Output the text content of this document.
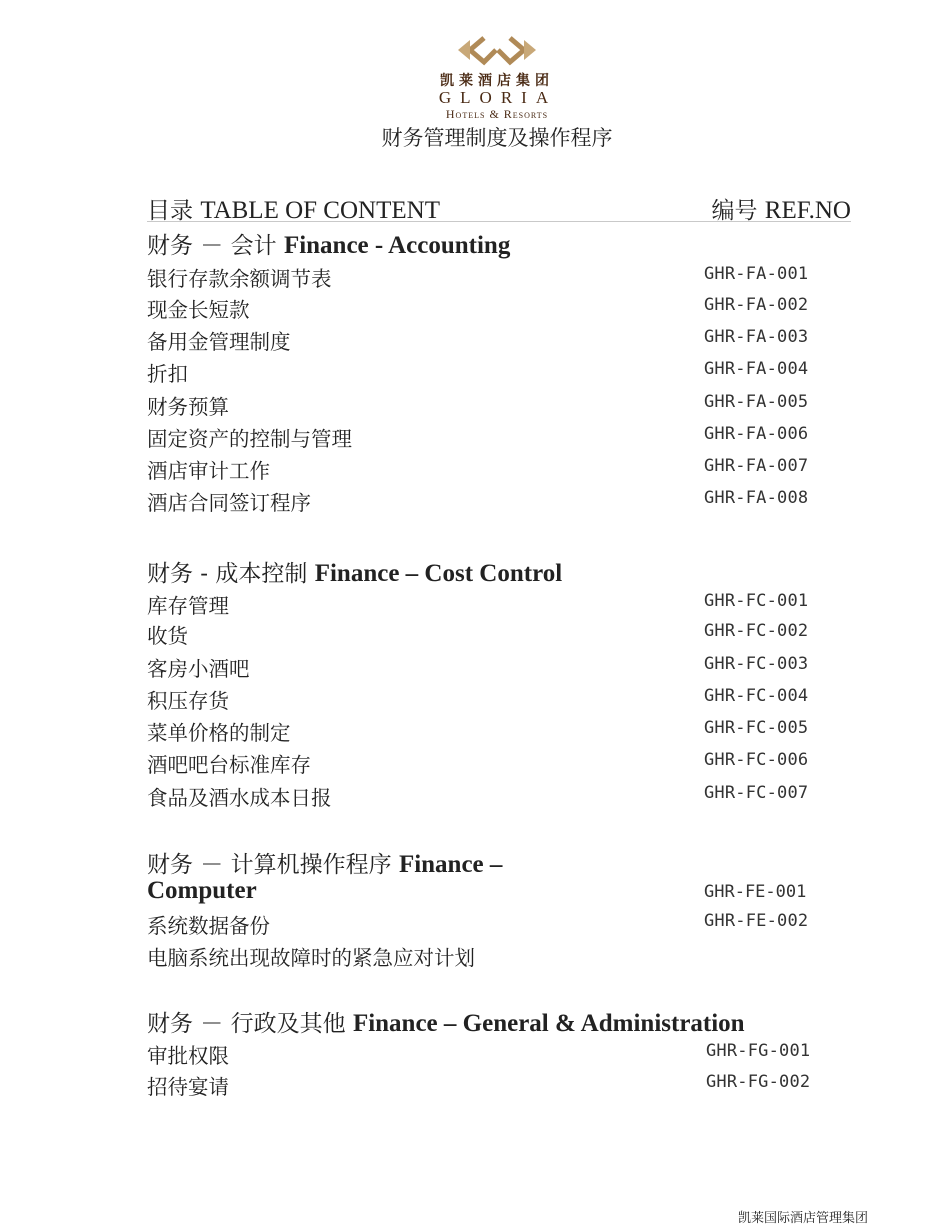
凯莱酒店集团
GLORIA
Hotels & Resorts
财务管理制度及操作程序
目录 TABLE OF CONTENT	编号 REF.NO
财务 － 会计 Finance - Accounting
银行存款余额调节表	GHR-FA-001
现金长短款	GHR-FA-002
备用金管理制度	GHR-FA-003
折扣	GHR-FA-004
财务预算	GHR-FA-005
固定资产的控制与管理	GHR-FA-006
酒店审计工作	GHR-FA-007
酒店合同签订程序	GHR-FA-008
财务 - 成本控制 Finance – Cost Control
库存管理	GHR-FC-001
收货	GHR-FC-002
客房小酒吧	GHR-FC-003
积压存货	GHR-FC-004
菜单价格的制定	GHR-FC-005
酒吧吧台标准库存	GHR-FC-006
食品及酒水成本日报	GHR-FC-007
财务 － 计算机操作程序 Finance –
Computer	GHR-FE-001
系统数据备份	GHR-FE-002
电脑系统出现故障时的紧急应对计划
财务 － 行政及其他 Finance – General & Administration
审批权限	GHR-FG-001
招待宴请	GHR-FG-002
凯莱国际酒店管理集团
